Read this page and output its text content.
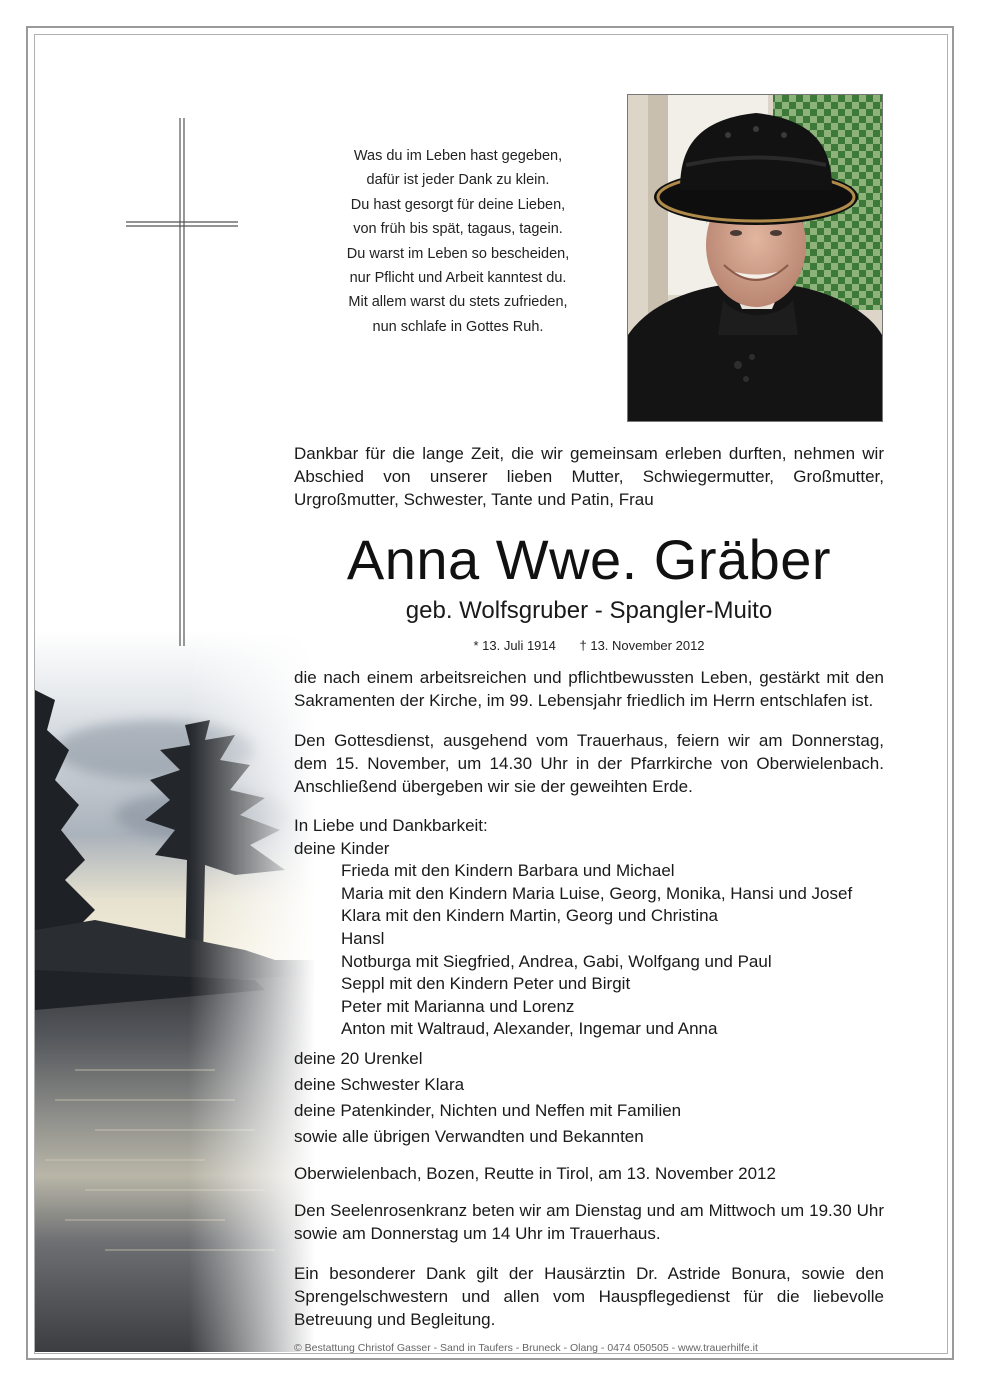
Was du im Leben hast gegeben,
dafür ist jeder Dank zu klein.
Du hast gesorgt für deine Lieben,
von früh bis spät, tagaus, tagein.
Du warst im Leben so bescheiden,
nur Pflicht und Arbeit kanntest du.
Mit allem warst du stets zufrieden,
nun schlafe in Gottes Ruh.
Dankbar für die lange Zeit, die wir gemeinsam erleben durften, nehmen wir Abschied von unserer lieben Mutter, Schwiegermutter, Großmutter, Urgroßmutter, Schwester, Tante und Patin, Frau
Anna Wwe. Gräber
geb. Wolfsgruber - Spangler-Muito
* 13. Juli 1914 † 13. November 2012
die nach einem arbeitsreichen und pflichtbewussten Leben, gestärkt mit den Sakramenten der Kirche, im 99. Lebensjahr friedlich im Herrn entschlafen ist.
Den Gottesdienst, ausgehend vom Trauerhaus, feiern wir am Donnerstag, dem 15. November, um 14.30 Uhr in der Pfarrkirche von Oberwielenbach. Anschließend übergeben wir sie der geweihten Erde.
In Liebe und Dankbarkeit:
deine Kinder
Frieda mit den Kindern Barbara und Michael
Maria mit den Kindern Maria Luise, Georg, Monika, Hansi und Josef
Klara mit den Kindern Martin, Georg und Christina
Hansl
Notburga mit Siegfried, Andrea, Gabi, Wolfgang und Paul
Seppl mit den Kindern Peter und Birgit
Peter mit Marianna und Lorenz
Anton mit Waltraud, Alexander, Ingemar und Anna
deine 20 Urenkel
deine Schwester Klara
deine Patenkinder, Nichten und Neffen mit Familien
sowie alle übrigen Verwandten und Bekannten
Oberwielenbach, Bozen, Reutte in Tirol, am 13. November 2012
Den Seelenrosenkranz beten wir am Dienstag und am Mittwoch um 19.30 Uhr sowie am Donnerstag um 14 Uhr im Trauerhaus.
Ein besonderer Dank gilt der Hausärztin Dr. Astride Bonura, sowie den Sprengelschwestern und allen vom Hauspflegedienst für die liebevolle Betreuung und Begleitung.
© Bestattung Christof Gasser - Sand in Taufers - Bruneck - Olang - 0474 050505 - www.trauerhilfe.it
